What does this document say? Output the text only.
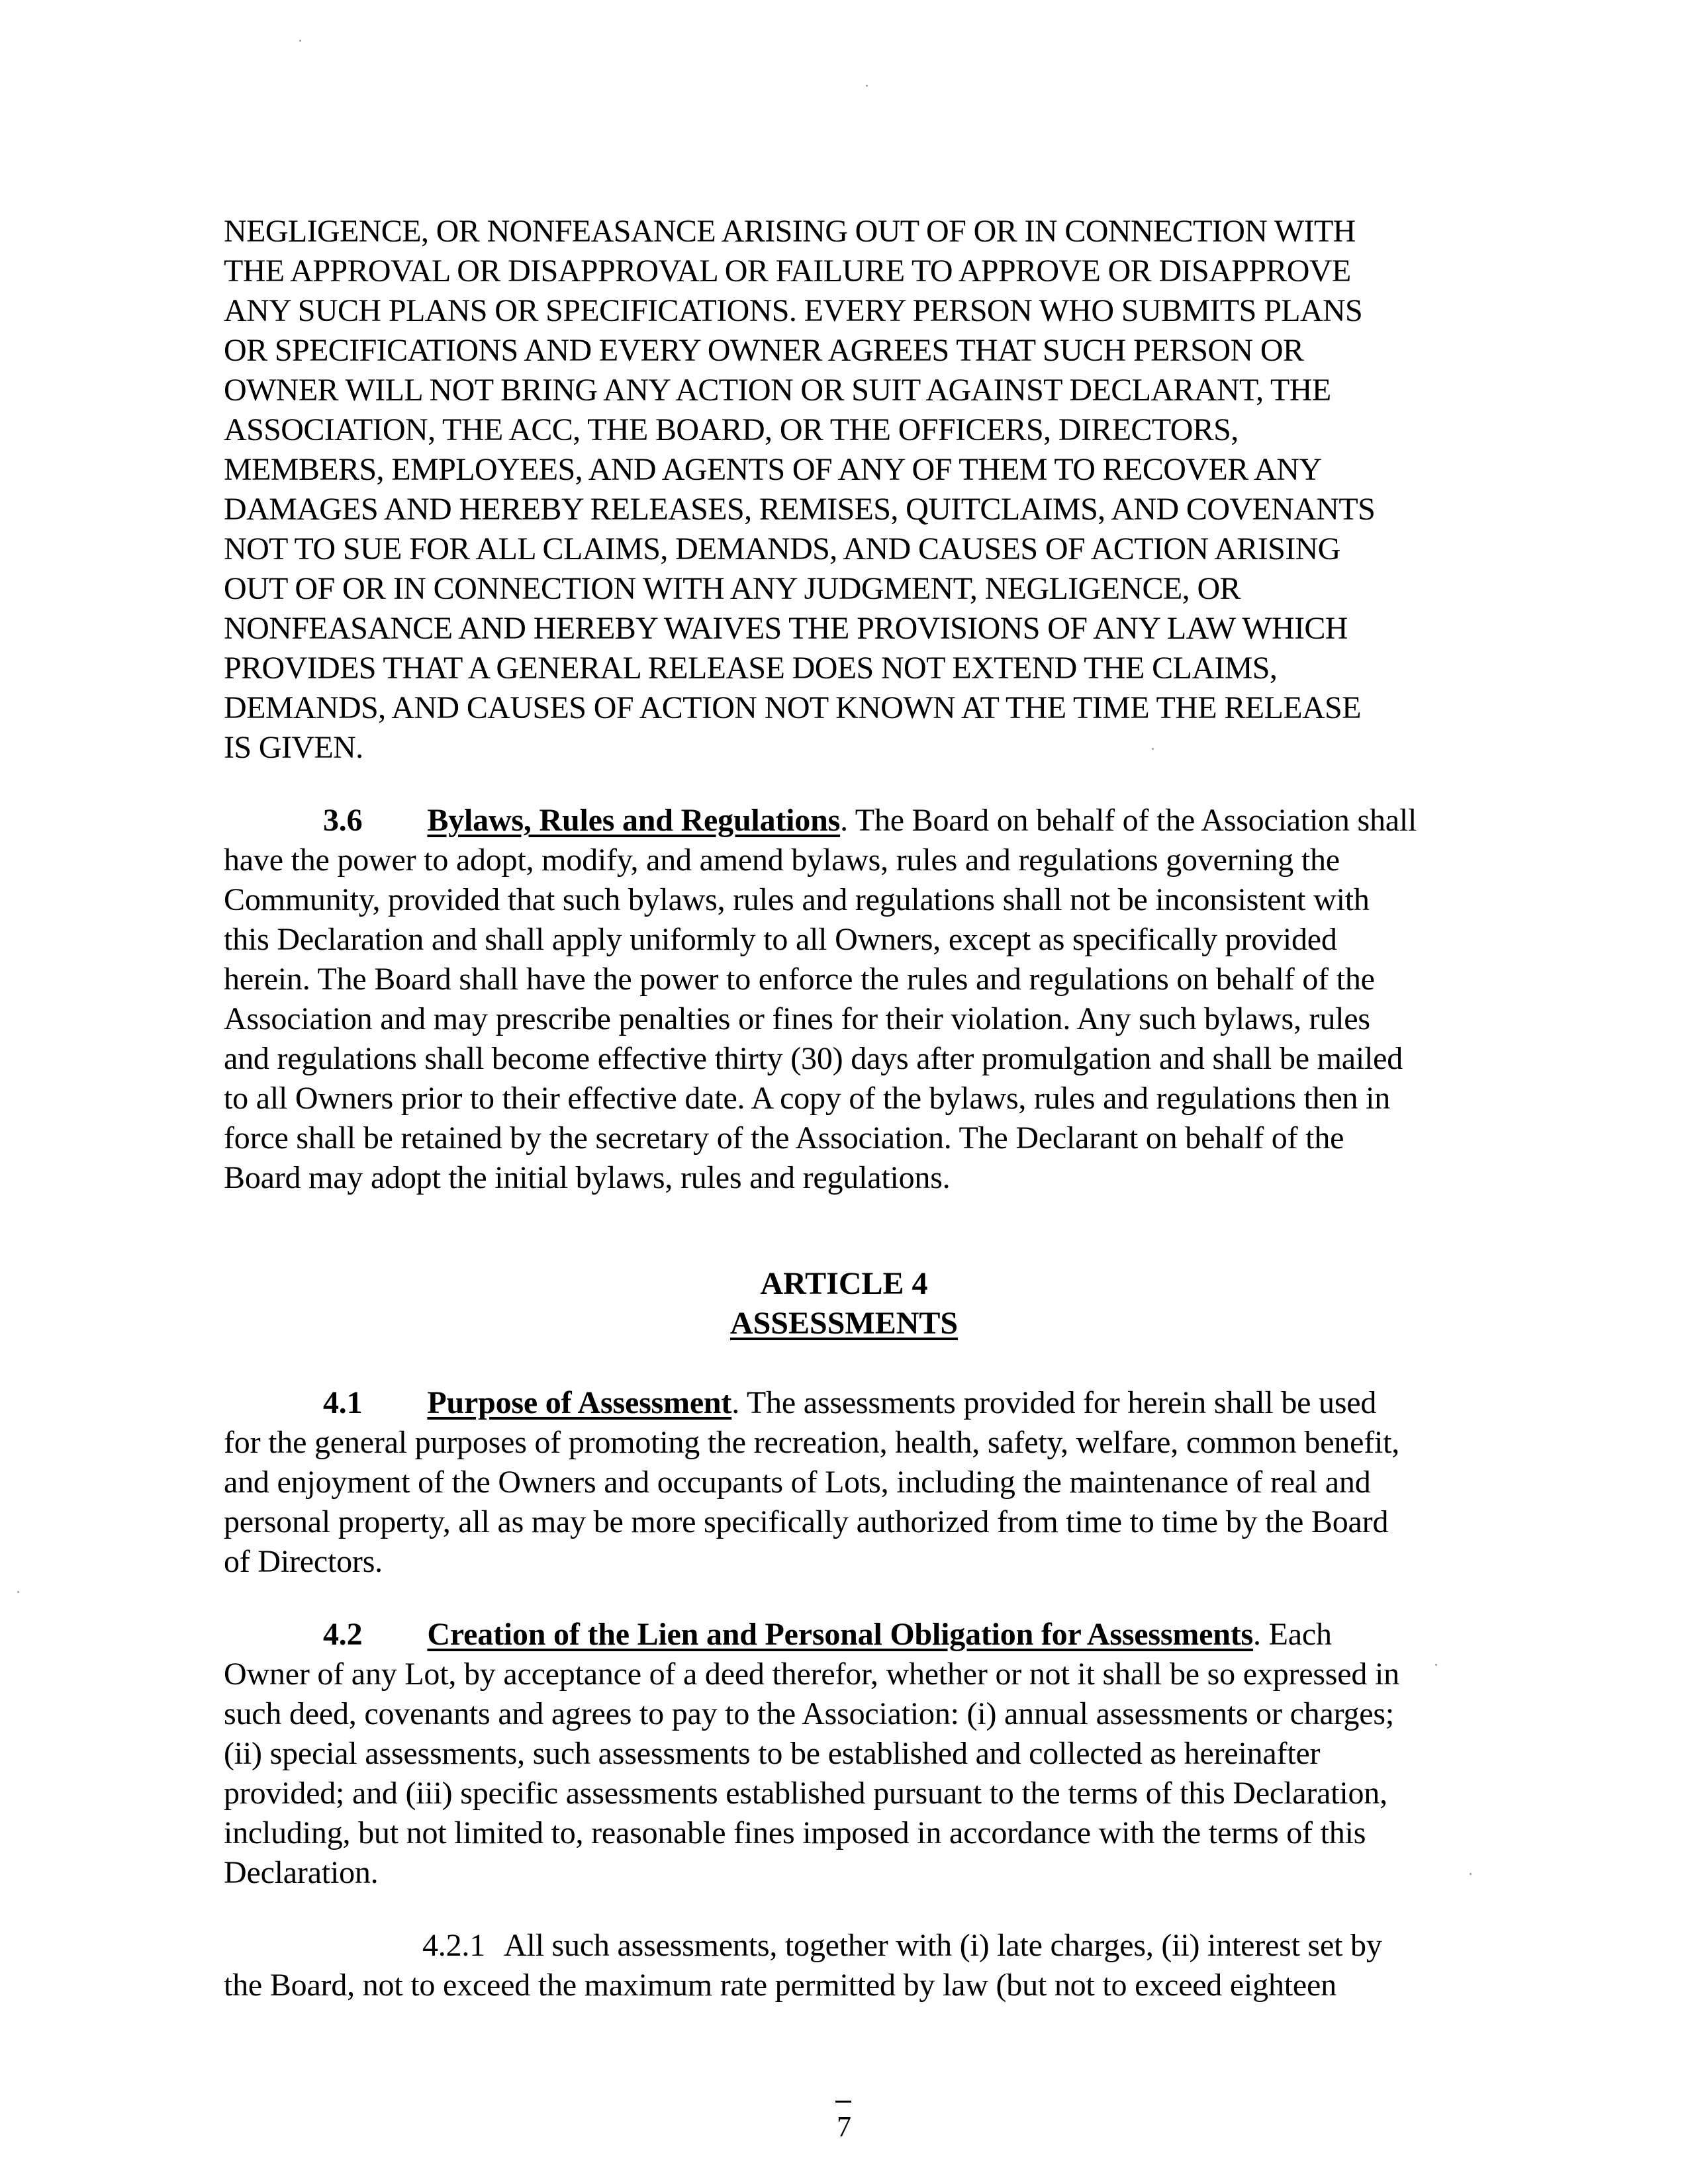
NEGLIGENCE, OR NONFEASANCE ARISING OUT OF OR IN CONNECTION WITH
THE APPROVAL OR DISAPPROVAL OR FAILURE TO APPROVE OR DISAPPROVE
ANY SUCH PLANS OR SPECIFICATIONS. EVERY PERSON WHO SUBMITS PLANS
OR SPECIFICATIONS AND EVERY OWNER AGREES THAT SUCH PERSON OR
OWNER WILL NOT BRING ANY ACTION OR SUIT AGAINST DECLARANT, THE
ASSOCIATION, THE ACC, THE BOARD, OR THE OFFICERS, DIRECTORS,
MEMBERS, EMPLOYEES, AND AGENTS OF ANY OF THEM TO RECOVER ANY
DAMAGES AND HEREBY RELEASES, REMISES, QUITCLAIMS, AND COVENANTS
NOT TO SUE FOR ALL CLAIMS, DEMANDS, AND CAUSES OF ACTION ARISING
OUT OF OR IN CONNECTION WITH ANY JUDGMENT, NEGLIGENCE, OR
NONFEASANCE AND HEREBY WAIVES THE PROVISIONS OF ANY LAW WHICH
PROVIDES THAT A GENERAL RELEASE DOES NOT EXTEND THE CLAIMS,
DEMANDS, AND CAUSES OF ACTION NOT KNOWN AT THE TIME THE RELEASE
IS GIVEN.
3.6 Bylaws, Rules and Regulations. The Board on behalf of the Association shall
have the power to adopt, modify, and amend bylaws, rules and regulations governing the
Community, provided that such bylaws, rules and regulations shall not be inconsistent with
this Declaration and shall apply uniformly to all Owners, except as specifically provided
herein. The Board shall have the power to enforce the rules and regulations on behalf of the
Association and may prescribe penalties or fines for their violation. Any such bylaws, rules
and regulations shall become effective thirty (30) days after promulgation and shall be mailed
to all Owners prior to their effective date. A copy of the bylaws, rules and regulations then in
force shall be retained by the secretary of the Association. The Declarant on behalf of the
Board may adopt the initial bylaws, rules and regulations.
ARTICLE 4
ASSESSMENTS
4.1 Purpose of Assessment. The assessments provided for herein shall be used
for the general purposes of promoting the recreation, health, safety, welfare, common benefit,
and enjoyment of the Owners and occupants of Lots, including the maintenance of real and
personal property, all as may be more specifically authorized from time to time by the Board
of Directors.
4.2 Creation of the Lien and Personal Obligation for Assessments. Each
Owner of any Lot, by acceptance of a deed therefor, whether or not it shall be so expressed in
such deed, covenants and agrees to pay to the Association: (i) annual assessments or charges;
(ii) special assessments, such assessments to be established and collected as hereinafter
provided; and (iii) specific assessments established pursuant to the terms of this Declaration,
including, but not limited to, reasonable fines imposed in accordance with the terms of this
Declaration.
4.2.1 All such assessments, together with (i) late charges, (ii) interest set by
the Board, not to exceed the maximum rate permitted by law (but not to exceed eighteen
7
